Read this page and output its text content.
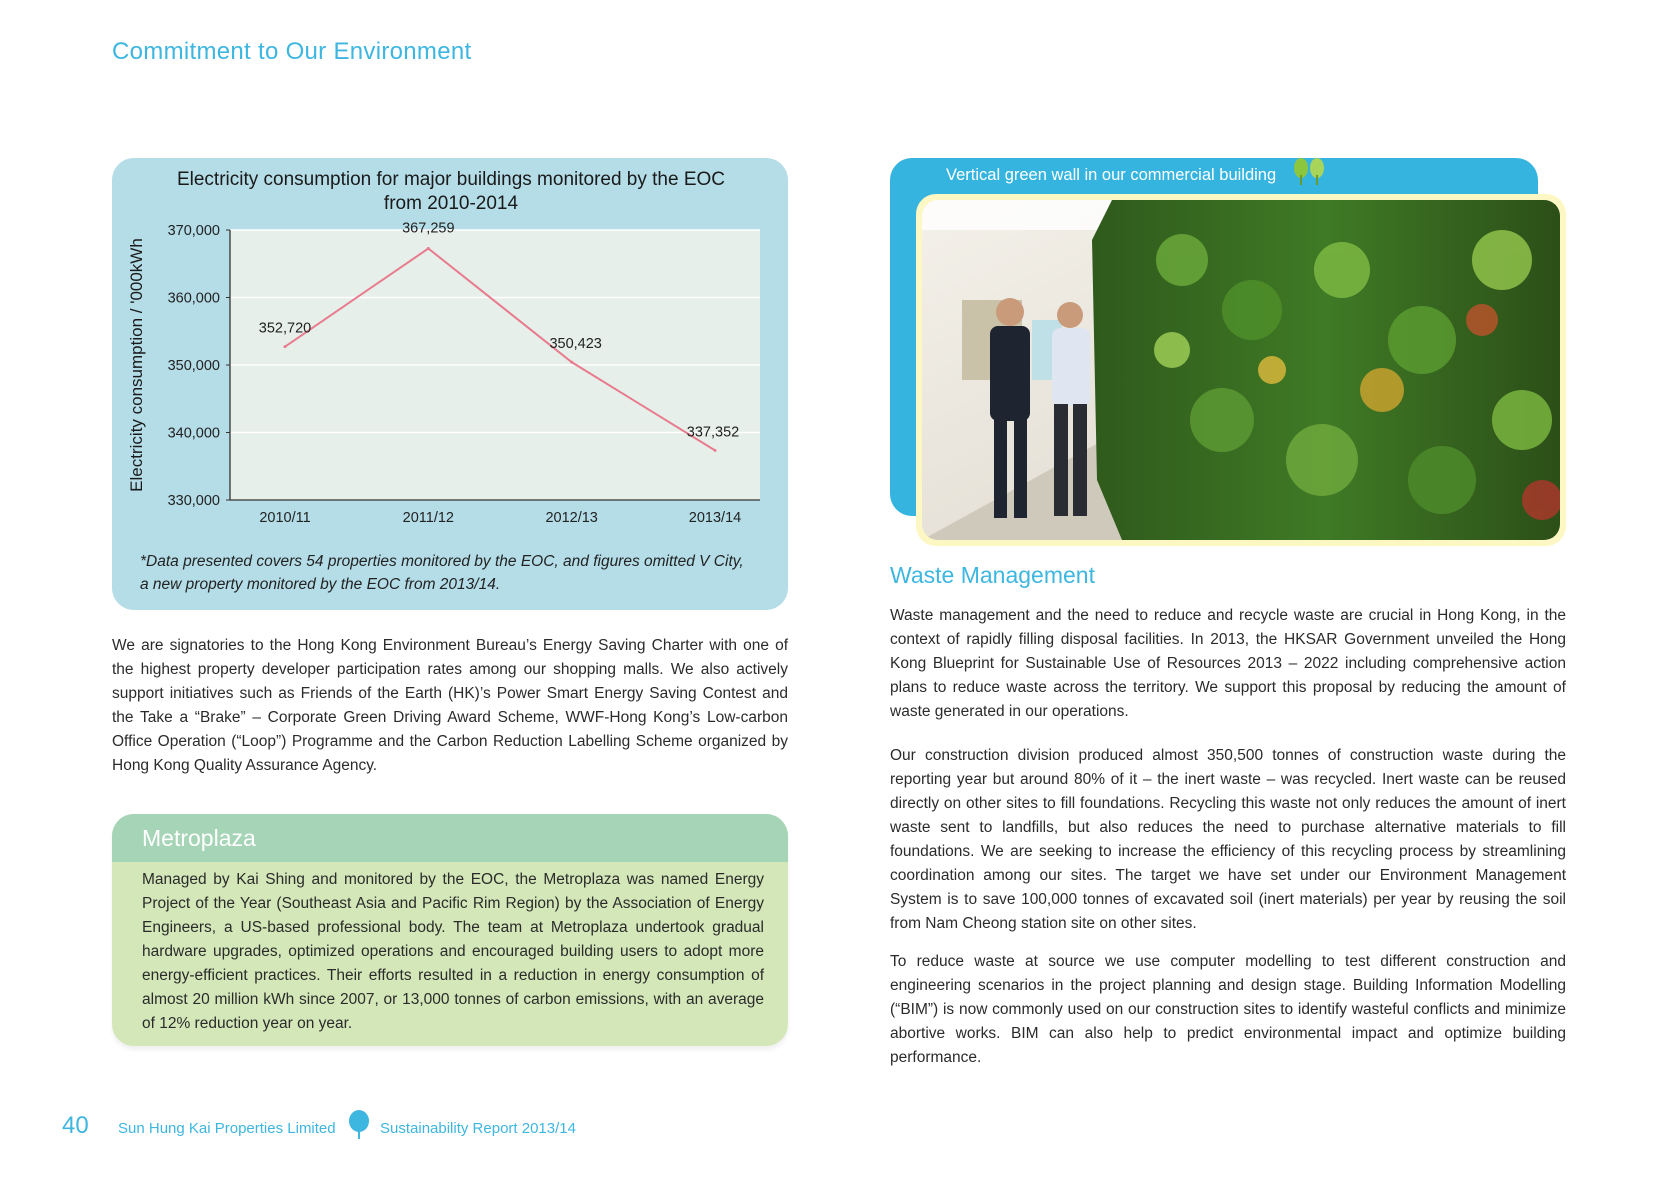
Commitment to Our Environment
Electricity consumption for major buildings monitored by the EOC
from 2010-2014
330,000
340,000
350,000
360,000
370,000
Electricity consumption / '000kWh
2010/11	2011/12	2012/13	2013/14
352,720
367,259
350,423
337,352
*Data presented covers 54 properties monitored by the EOC, and figures omitted V City,
a new property monitored by the EOC from 2013/14.
We are signatories to the Hong Kong Environment Bureau’s Energy Saving Charter with one of the highest property developer participation rates among our shopping malls. We also actively support initiatives such as Friends of the Earth (HK)’s Power Smart Energy Saving Contest and the Take a “Brake” – Corporate Green Driving Award Scheme, WWF-Hong Kong’s Low-carbon Office Operation (“Loop”) Programme and the Carbon Reduction Labelling Scheme organized by Hong Kong Quality Assurance Agency.
Metroplaza
Managed by Kai Shing and monitored by the EOC, the Metroplaza was named Energy Project of the Year (Southeast Asia and Pacific Rim Region) by the Association of Energy Engineers, a US-based professional body. The team at Metroplaza undertook gradual hardware upgrades, optimized operations and encouraged building users to adopt more energy-efficient practices. Their efforts resulted in a reduction in energy consumption of almost 20 million kWh since 2007, or 13,000 tonnes of carbon emissions, with an average of 12% reduction year on year.
Vertical green wall in our commercial building
Waste Management

Waste management and the need to reduce and recycle waste are crucial in Hong Kong, in the context of rapidly filling disposal facilities. In 2013, the HKSAR Government unveiled the Hong Kong Blueprint for Sustainable Use of Resources 2013 – 2022 including comprehensive action plans to reduce waste across the territory. We support this proposal by reducing the amount of waste generated in our operations.

Our construction division produced almost 350,500 tonnes of construction waste during the reporting year but around 80% of it – the inert waste – was recycled. Inert waste can be reused directly on other sites to fill foundations. Recycling this waste not only reduces the amount of inert waste sent to landfills, but also reduces the need to purchase alternative materials to fill foundations. We are seeking to increase the efficiency of this recycling process by streamlining coordination among our sites. The target we have set under our Environment Management System is to save 100,000 tonnes of excavated soil (inert materials) per year by reusing the soil from Nam Cheong station site on other sites.

To reduce waste at source we use computer modelling to test different construction and engineering scenarios in the project planning and design stage. Building Information Modelling (“BIM”) is now commonly used on our construction sites to identify wasteful conflicts and minimize abortive works. BIM can also help to predict environmental impact and optimize building performance.

40 Sun Hung Kai Properties Limited	Sustainability Report 2013/14
